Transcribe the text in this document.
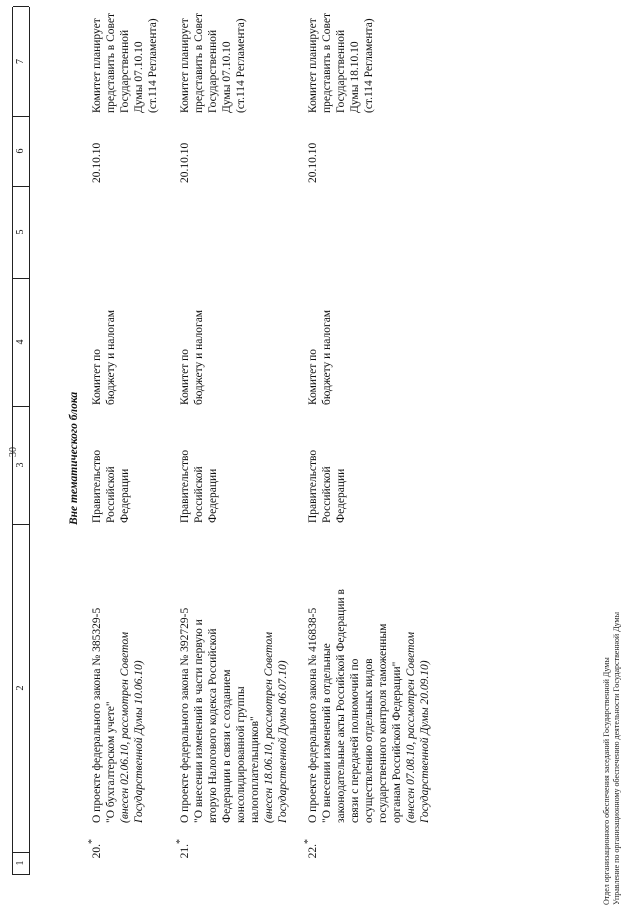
30
1
2
3
4
5
6
7
Вне тематического блока
20.*
О проекте федерального закона № 385329-5 "О бухгалтерском учете" (внесен 02.06.10, рассмотрен Советом Государственной Думы 10.06.10)
Правительство Российской Федерации
Комитет по бюджету и налогам
20.10.10
Комитет планирует представить в Совет Государственной Думы 07.10.10 (ст.114 Регламента)
21.*
О проекте федерального закона № 392729-5 "О внесении изменений в части первую и вторую Налогового кодекса Российской Федерации в связи с созданием консолидированной группы налогоплательщиков" (внесен 18.06.10, рассмотрен Советом Государственной Думы 06.07.10)
Правительство Российской Федерации
Комитет по бюджету и налогам
20.10.10
Комитет планирует представить в Совет Государственной Думы 07.10.10 (ст.114 Регламента)
22.*
О проекте федерального закона № 416838-5 "О внесении изменений в отдельные законодательные акты Российской Федерации в связи с передачей полномочий по осуществлению отдельных видов государственного контроля таможенным органам Российской Федерации" (внесен 07.08.10, рассмотрен Советом Государственной Думы 20.09.10)
Правительство Российской Федерации
Комитет по бюджету и налогам
20.10.10
Комитет планирует представить в Совет Государственной Думы 18.10.10 (ст.114 Регламента)
Отдел организационного обеспечения заседаний Государственной Думы Управление по организационному обеспечению деятельности Государственной Думы
